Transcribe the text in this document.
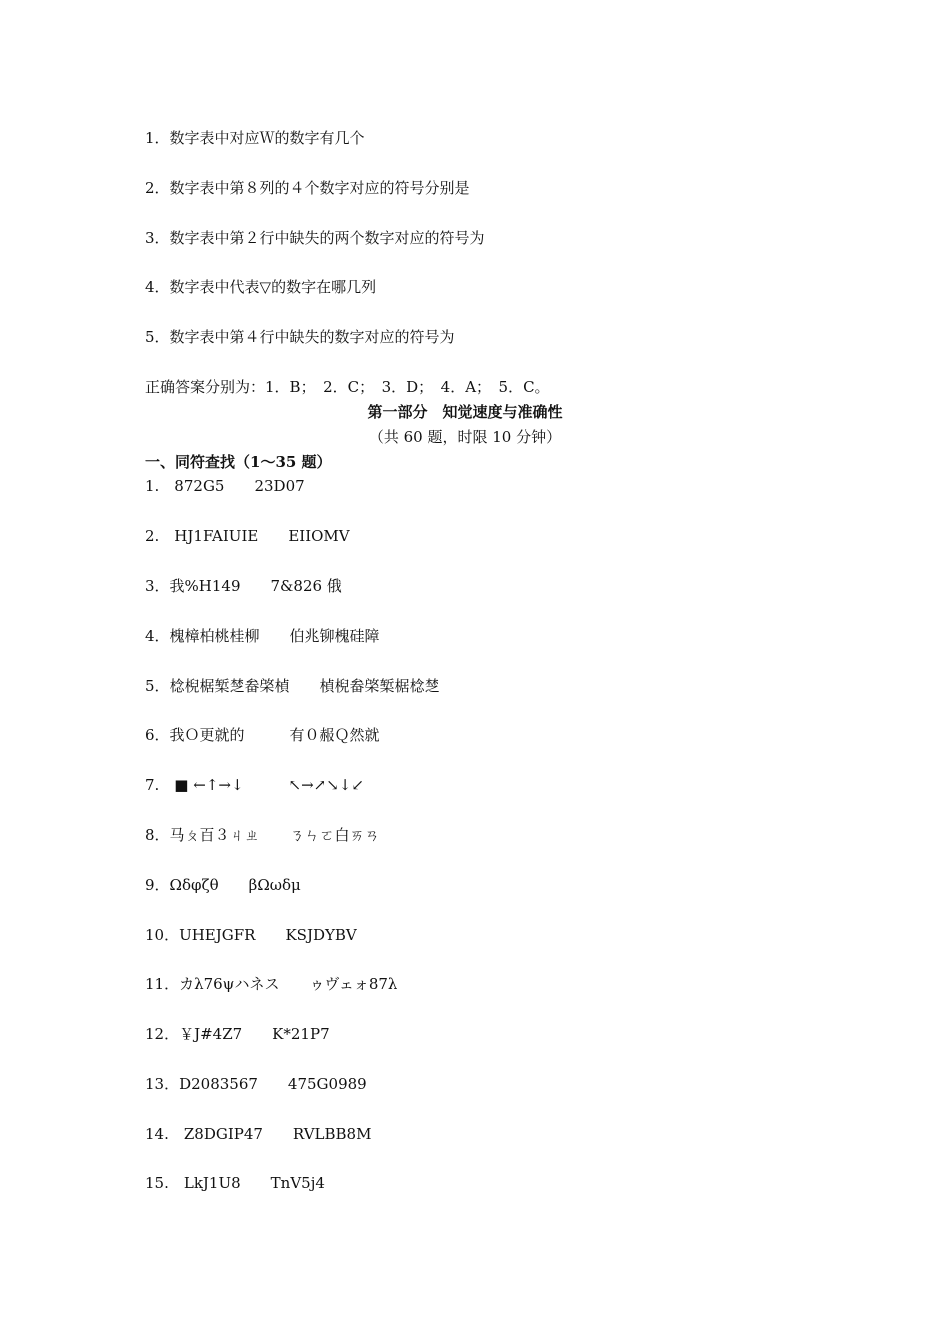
1．数字表中对应Ｗ的数字有几个

2．数字表中第８列的４个数字对应的符号分别是

3．数字表中第２行中缺失的两个数字对应的符号为

4．数字表中代表▽的数字在哪几列

5．数字表中第４行中缺失的数字对应的符号为

正确答案分别为：1．B；　2．C；　3．D；　4．A；　5．C。
第一部分　知觉速度与准确性
（共 60 题，时限 10 分钟）
一、同符查找（1～35 题）
1.　872G5　　23D07

2.　HJ1FAIUIE　　EIIOMV

3．我%H149　　7&826 俄

4．槐樟柏桃桂柳　　伯兆铆槐硅障

5．棯棿椐椠椘畚棨楨　　楨棿畚棨椠椐棯椘

6．我Ｏ更就的　　　有０赧Ｑ然就

7.　■ ←↑→↓　　　↖→↗↘↓↙

8．马ㄆ百３ㄐㄓ　　ㄋㄣㄛ白ㄞㄢ

9．Ωδφζθ　　βΩωδμ

10．UHEJGFR　　KSJDYBV

11．カλ76ψハネス　　ゥヴェォ87λ

12．￥J#4Z7　　K*21P7

13．D2083567　　475G0989

14.　Z8DGIP47　　RVLBB8M

15.　LkJ1U8　　TnV5j4
